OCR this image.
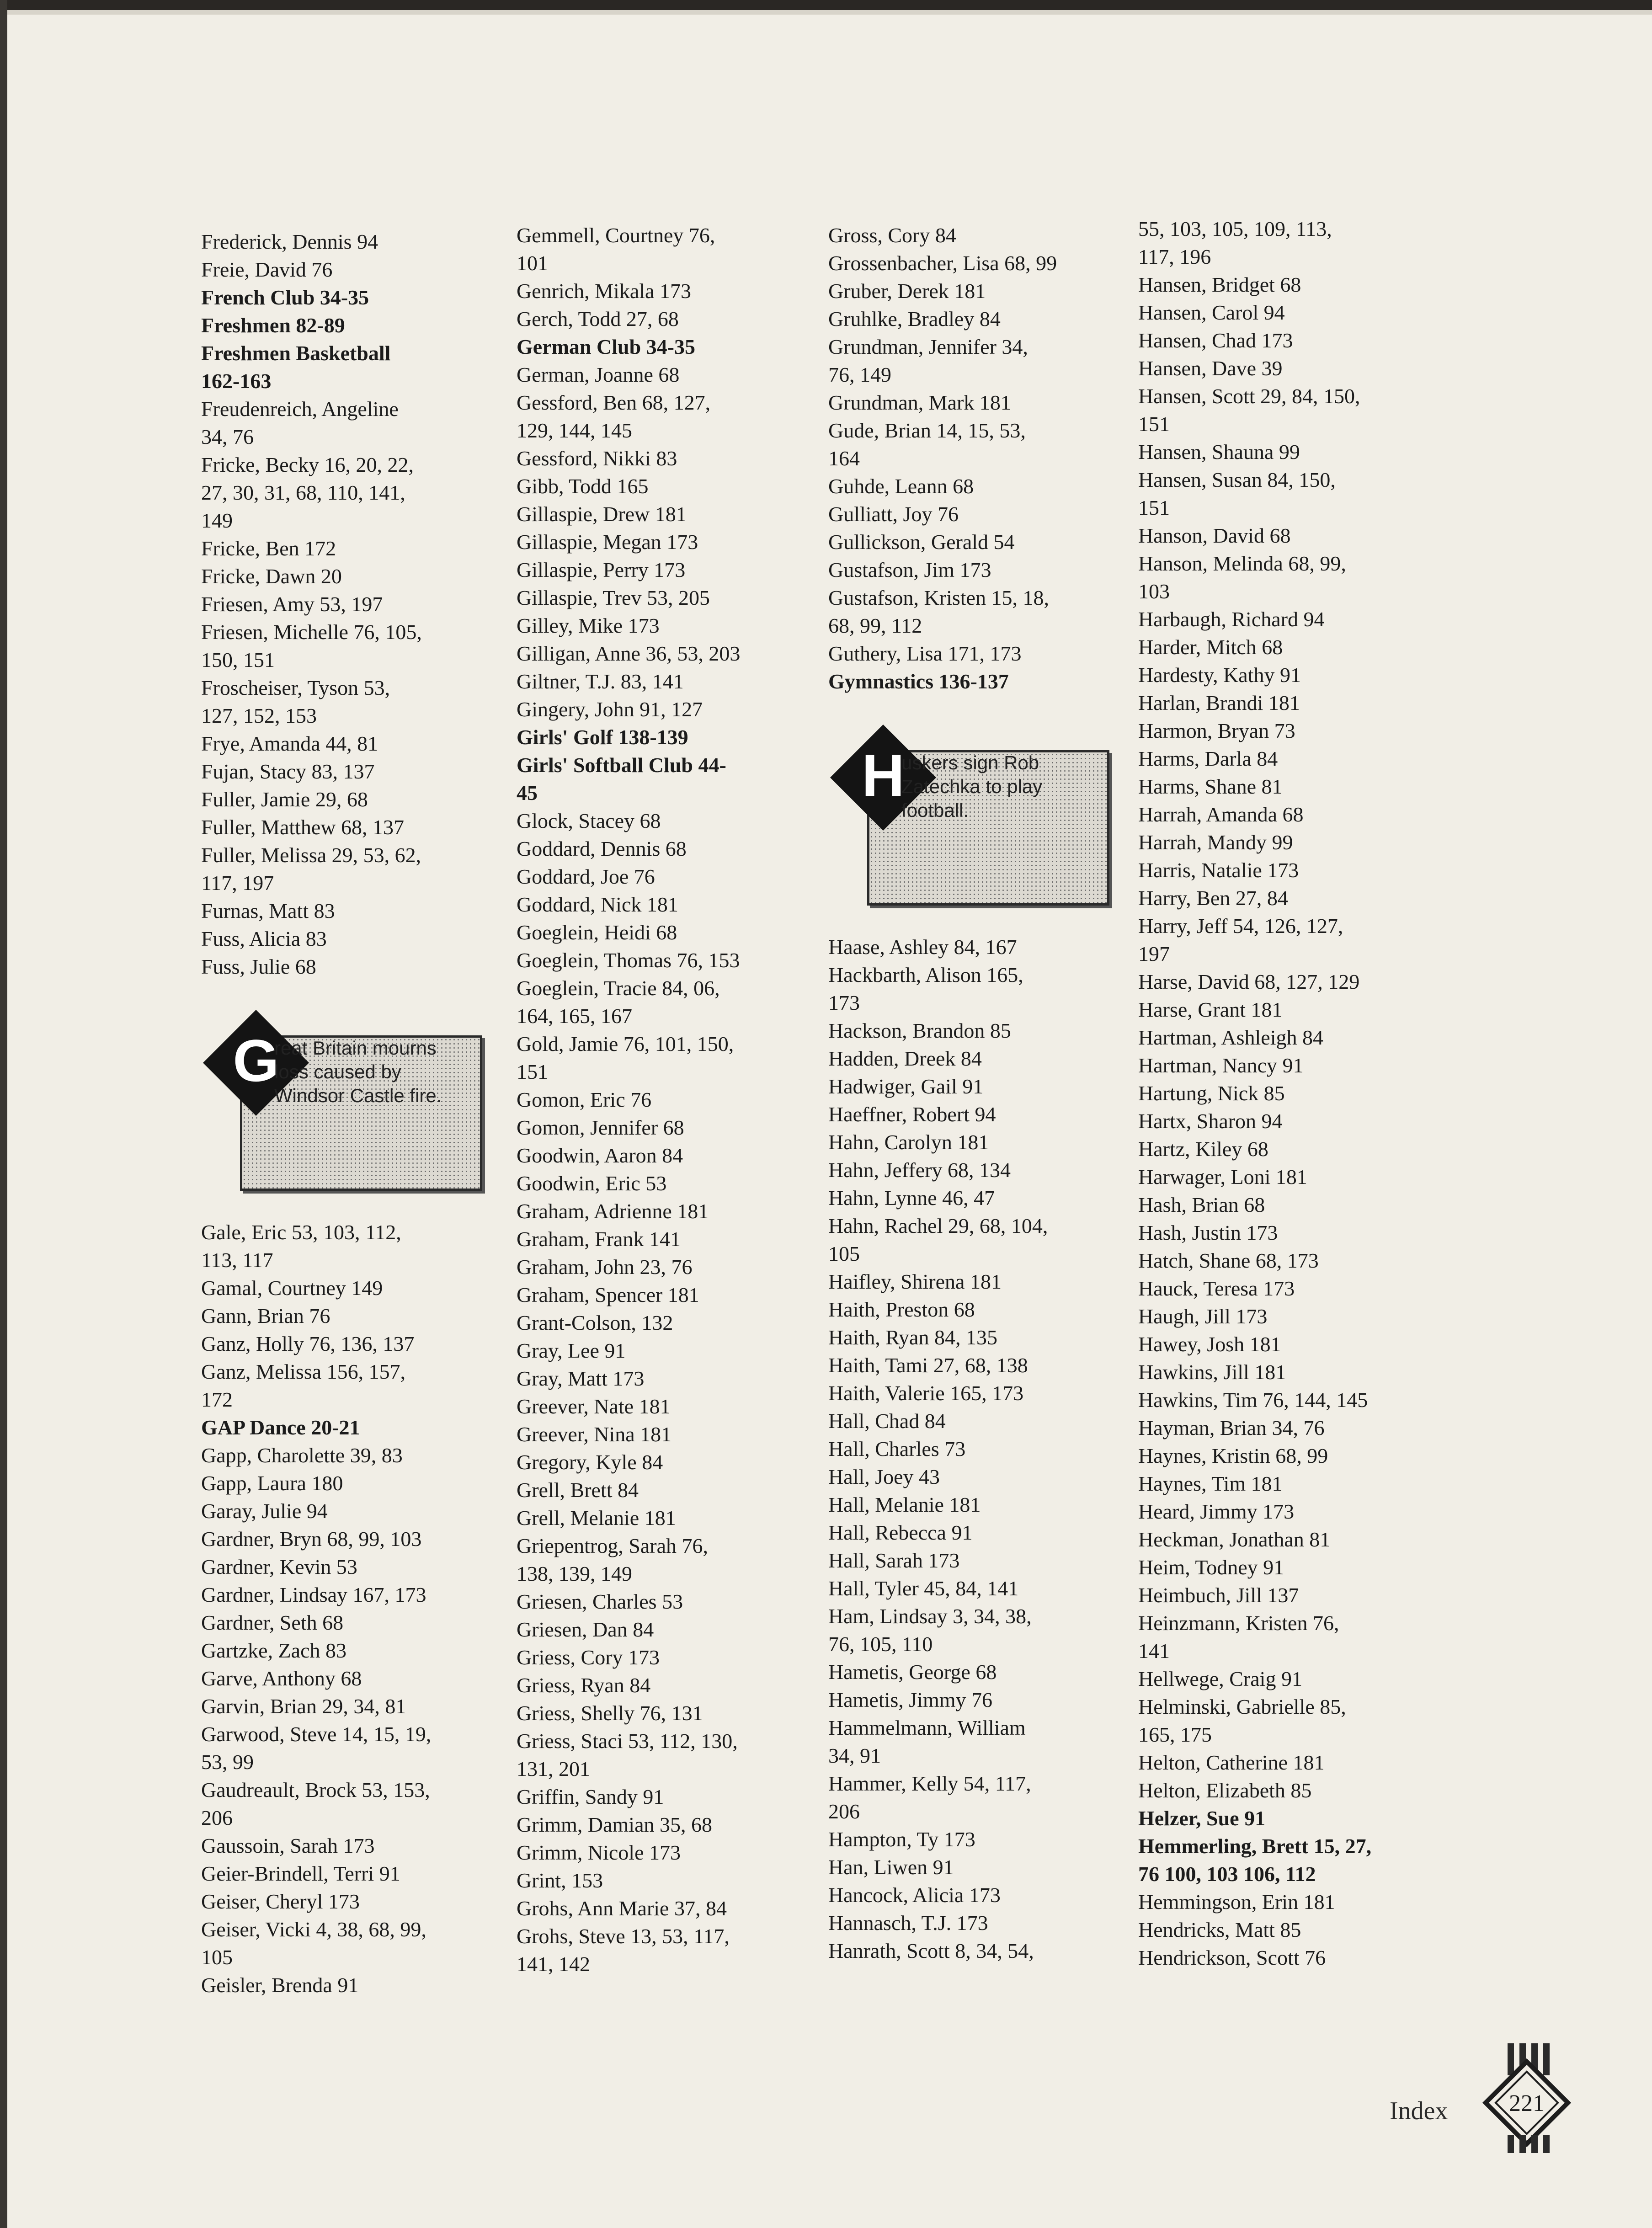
Frederick, Dennis 94
Freie, David 76
French Club 34-35
Freshmen 82-89
Freshmen Basketball
162-163
Freudenreich, Angeline
34, 76
Fricke, Becky 16, 20, 22,
27, 30, 31, 68, 110, 141,
149
Fricke, Ben 172
Fricke, Dawn 20
Friesen, Amy 53, 197
Friesen, Michelle 76, 105,
150, 151
Froscheiser, Tyson 53,
127, 152, 153
Frye, Amanda 44, 81
Fujan, Stacy 83, 137
Fuller, Jamie 29, 68
Fuller, Matthew 68, 137
Fuller, Melissa 29, 53, 62,
117, 197
Furnas, Matt 83
Fuss, Alicia 83
Fuss, Julie 68
G
reat Britain mourns loss caused by Windsor Castle fire.
Gale, Eric 53, 103, 112,
113, 117
Gamal, Courtney 149
Gann, Brian 76
Ganz, Holly 76, 136, 137
Ganz, Melissa 156, 157,
172
GAP Dance 20-21
Gapp, Charolette 39, 83
Gapp, Laura 180
Garay, Julie 94
Gardner, Bryn 68, 99, 103
Gardner, Kevin 53
Gardner, Lindsay 167, 173
Gardner, Seth 68
Gartzke, Zach 83
Garve, Anthony 68
Garvin, Brian 29, 34, 81
Garwood, Steve 14, 15, 19,
53, 99
Gaudreault, Brock 53, 153,
206
Gaussoin, Sarah 173
Geier-Brindell, Terri 91
Geiser, Cheryl 173
Geiser, Vicki 4, 38, 68, 99,
105
Geisler, Brenda 91
Gemmell, Courtney 76,
101
Genrich, Mikala 173
Gerch, Todd 27, 68
German Club 34-35
German, Joanne 68
Gessford, Ben 68, 127,
129, 144, 145
Gessford, Nikki 83
Gibb, Todd 165
Gillaspie, Drew 181
Gillaspie, Megan 173
Gillaspie, Perry 173
Gillaspie, Trev 53, 205
Gilley, Mike 173
Gilligan, Anne 36, 53, 203
Giltner, T.J. 83, 141
Gingery, John 91, 127
Girls' Golf 138-139
Girls' Softball Club 44-
45
Glock, Stacey 68
Goddard, Dennis 68
Goddard, Joe 76
Goddard, Nick 181
Goeglein, Heidi 68
Goeglein, Thomas 76, 153
Goeglein, Tracie 84, 06,
164, 165, 167
Gold, Jamie 76, 101, 150,
151
Gomon, Eric 76
Gomon, Jennifer 68
Goodwin, Aaron 84
Goodwin, Eric 53
Graham, Adrienne 181
Graham, Frank 141
Graham, John 23, 76
Graham, Spencer 181
Grant-Colson, 132
Gray, Lee 91
Gray, Matt 173
Greever, Nate 181
Greever, Nina 181
Gregory, Kyle 84
Grell, Brett 84
Grell, Melanie 181
Griepentrog, Sarah 76,
138, 139, 149
Griesen, Charles 53
Griesen, Dan 84
Griess, Cory 173
Griess, Ryan 84
Griess, Shelly 76, 131
Griess, Staci 53, 112, 130,
131, 201
Griffin, Sandy 91
Grimm, Damian 35, 68
Grimm, Nicole 173
Grint, 153
Grohs, Ann Marie 37, 84
Grohs, Steve 13, 53, 117,
141, 142
Gross, Cory 84
Grossenbacher, Lisa 68, 99
Gruber, Derek 181
Gruhlke, Bradley 84
Grundman, Jennifer 34,
76, 149
Grundman, Mark 181
Gude, Brian 14, 15, 53,
164
Guhde, Leann 68
Gulliatt, Joy 76
Gullickson, Gerald 54
Gustafson, Jim 173
Gustafson, Kristen 15, 18,
68, 99, 112
Guthery, Lisa 171, 173
Gymnastics 136-137
H
uskers sign Rob Zatechka to play football.
Haase, Ashley 84, 167
Hackbarth, Alison 165,
173
Hackson, Brandon 85
Hadden, Dreek 84
Hadwiger, Gail 91
Haeffner, Robert 94
Hahn, Carolyn 181
Hahn, Jeffery 68, 134
Hahn, Lynne 46, 47
Hahn, Rachel 29, 68, 104,
105
Haifley, Shirena 181
Haith, Preston 68
Haith, Ryan 84, 135
Haith, Tami 27, 68, 138
Haith, Valerie 165, 173
Hall, Chad 84
Hall, Charles 73
Hall, Joey 43
Hall, Melanie 181
Hall, Rebecca 91
Hall, Sarah 173
Hall, Tyler 45, 84, 141
Ham, Lindsay 3, 34, 38,
76, 105, 110
Hametis, George 68
Hametis, Jimmy 76
Hammelmann, William
34, 91
Hammer, Kelly 54, 117,
206
Hampton, Ty 173
Han, Liwen 91
Hancock, Alicia 173
Hannasch, T.J. 173
Hanrath, Scott 8, 34, 54,
55, 103, 105, 109, 113,
117, 196
Hansen, Bridget 68
Hansen, Carol 94
Hansen, Chad 173
Hansen, Dave 39
Hansen, Scott 29, 84, 150,
151
Hansen, Shauna 99
Hansen, Susan 84, 150,
151
Hanson, David 68
Hanson, Melinda 68, 99,
103
Harbaugh, Richard 94
Harder, Mitch 68
Hardesty, Kathy 91
Harlan, Brandi 181
Harmon, Bryan 73
Harms, Darla 84
Harms, Shane 81
Harrah, Amanda 68
Harrah, Mandy 99
Harris, Natalie 173
Harry, Ben 27, 84
Harry, Jeff 54, 126, 127,
197
Harse, David 68, 127, 129
Harse, Grant 181
Hartman, Ashleigh 84
Hartman, Nancy 91
Hartung, Nick 85
Hartx, Sharon 94
Hartz, Kiley 68
Harwager, Loni 181
Hash, Brian 68
Hash, Justin 173
Hatch, Shane 68, 173
Hauck, Teresa 173
Haugh, Jill 173
Hawey, Josh 181
Hawkins, Jill 181
Hawkins, Tim 76, 144, 145
Hayman, Brian 34, 76
Haynes, Kristin 68, 99
Haynes, Tim 181
Heard, Jimmy 173
Heckman, Jonathan 81
Heim, Todney 91
Heimbuch, Jill 137
Heinzmann, Kristen 76,
141
Hellwege, Craig 91
Helminski, Gabrielle 85,
165, 175
Helton, Catherine 181
Helton, Elizabeth 85
Helzer, Sue 91
Hemmerling, Brett 15, 27,
76 100, 103 106, 112
Hemmingson, Erin 181
Hendricks, Matt 85
Hendrickson, Scott 76
Index	221
